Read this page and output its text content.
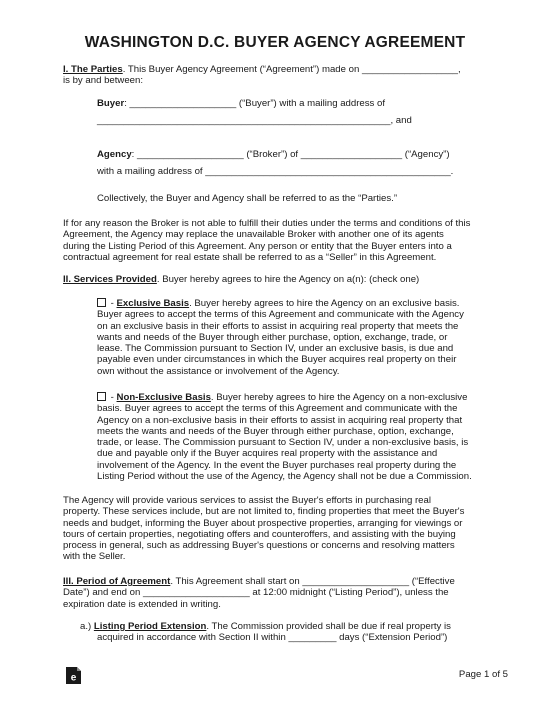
WASHINGTON D.C. BUYER AGENCY AGREEMENT
I. The Parties. This Buyer Agency Agreement (“Agreement”) made on __________________,
is by and between:
Buyer: ____________________ (“Buyer”) with a mailing address of
_______________________________________________________, and
Agency: ____________________ (“Broker”) of ___________________ (“Agency”)
with a mailing address of ______________________________________________.
Collectively, the Buyer and Agency shall be referred to as the “Parties.”
If for any reason the Broker is not able to fulfill their duties under the terms and conditions of this
Agreement, the Agency may replace the unavailable Broker with another one of its agents
during the Listing Period of this Agreement. Any person or entity that the Buyer enters into a
contractual agreement for real estate shall be referred to as a “Seller” in this Agreement.
II. Services Provided. Buyer hereby agrees to hire the Agency on a(n): (check one)
- Exclusive Basis. Buyer hereby agrees to hire the Agency on an exclusive basis.
Buyer agrees to accept the terms of this Agreement and communicate with the Agency
on an exclusive basis in their efforts to assist in acquiring real property that meets the
wants and needs of the Buyer through either purchase, option, exchange, trade, or
lease. The Commission pursuant to Section IV, under an exclusive basis, is due and
payable even under circumstances in which the Buyer acquires real property on their
own without the assistance or involvement of the Agency.
- Non-Exclusive Basis. Buyer hereby agrees to hire the Agency on a non-exclusive
basis. Buyer agrees to accept the terms of this Agreement and communicate with the
Agency on a non-exclusive basis in their efforts to assist in acquiring real property that
meets the wants and needs of the Buyer through either purchase, option, exchange,
trade, or lease. The Commission pursuant to Section IV, under a non-exclusive basis, is
due and payable only if the Buyer acquires real property with the assistance and
involvement of the Agency. In the event the Buyer purchases real property during the
Listing Period without the use of the Agency, the Agency shall not be due a Commission.
The Agency will provide various services to assist the Buyer's efforts in purchasing real
property. These services include, but are not limited to, finding properties that meet the Buyer's
needs and budget, informing the Buyer about prospective properties, arranging for viewings or
tours of certain properties, negotiating offers and counteroffers, and assisting with the buying
process in general, such as addressing Buyer's questions or concerns and resolving matters
with the Seller.
III. Period of Agreement. This Agreement shall start on ____________________ (“Effective
Date”) and end on ____________________ at 12:00 midnight (“Listing Period”), unless the
expiration date is extended in writing.
a.) Listing Period Extension. The Commission provided shall be due if real property is
acquired in accordance with Section II within _________ days (“Extension Period”)
e	Page 1 of 5
